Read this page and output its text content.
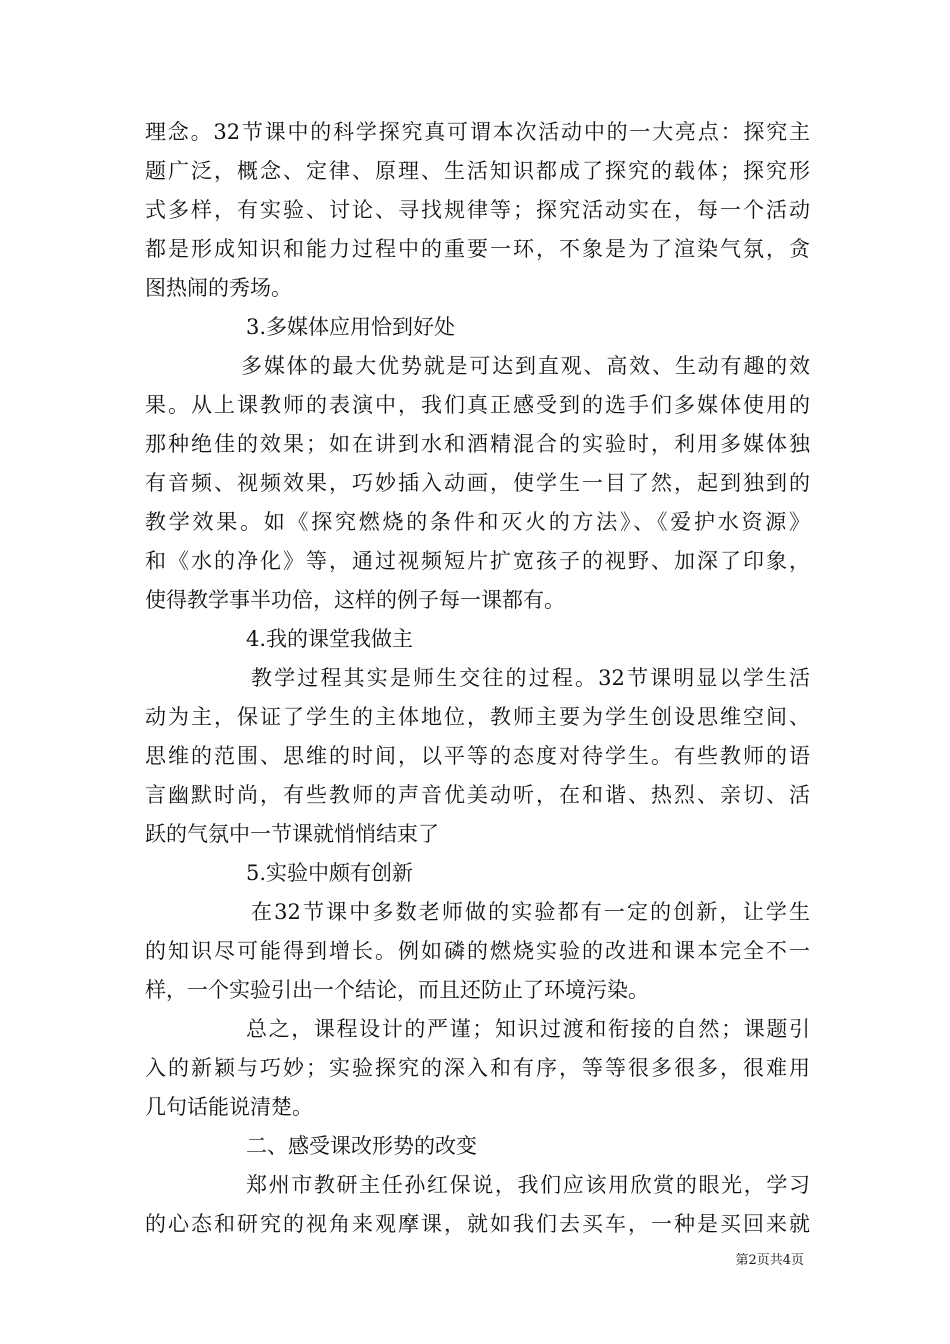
理念。32节课中的科学探究真可谓本次活动中的一大亮点：探究主
题广泛，概念、定律、原理、生活知识都成了探究的载体；探究形
式多样，有实验、讨论、寻找规律等；探究活动实在，每一个活动
都是形成知识和能力过程中的重要一环，不象是为了渲染气氛，贪
图热闹的秀场。
3.多媒体应用恰到好处
多媒体的最大优势就是可达到直观、高效、生动有趣的效
果。从上课教师的表演中，我们真正感受到的选手们多媒体使用的
那种绝佳的效果；如在讲到水和酒精混合的实验时，利用多媒体独
有音频、视频效果，巧妙插入动画，使学生一目了然，起到独到的
教学效果。如《探究燃烧的条件和灭火的方法》、《爱护水资源》
和《水的净化》等，通过视频短片扩宽孩子的视野、加深了印象，
使得教学事半功倍，这样的例子每一课都有。
4.我的课堂我做主
教学过程其实是师生交往的过程。32节课明显以学生活
动为主，保证了学生的主体地位，教师主要为学生创设思维空间、
思维的范围、思维的时间，以平等的态度对待学生。有些教师的语
言幽默时尚，有些教师的声音优美动听，在和谐、热烈、亲切、活
跃的气氛中一节课就悄悄结束了
5.实验中颇有创新
在32节课中多数老师做的实验都有一定的创新，让学生
的知识尽可能得到增长。例如磷的燃烧实验的改进和课本完全不一
样，一个实验引出一个结论，而且还防止了环境污染。
总之，课程设计的严谨；知识过渡和衔接的自然；课题引
入的新颖与巧妙；实验探究的深入和有序，等等很多很多，很难用
几句话能说清楚。
二、感受课改形势的改变
郑州市教研主任孙红保说，我们应该用欣赏的眼光，学习
的心态和研究的视角来观摩课，就如我们去买车，一种是买回来就
第2页共4页
